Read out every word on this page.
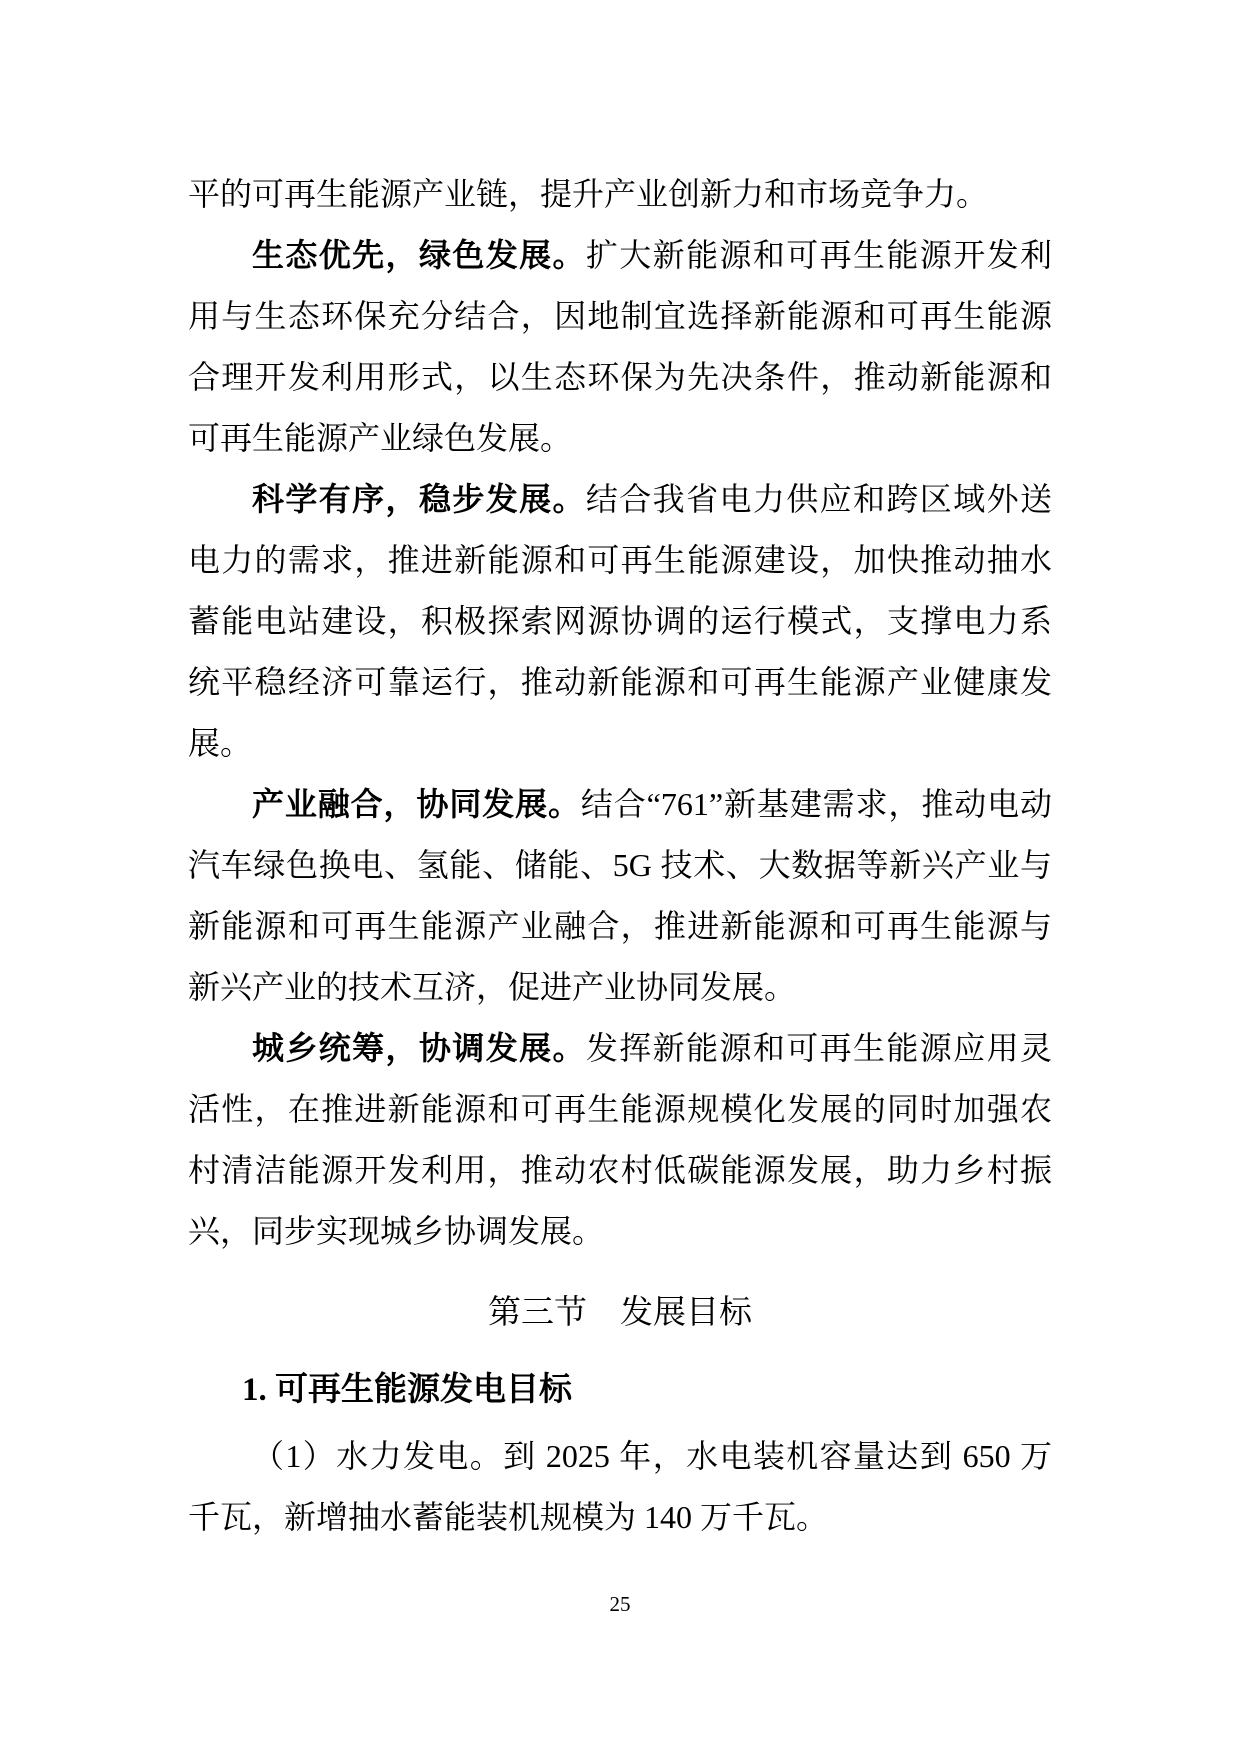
平的可再生能源产业链，提升产业创新力和市场竞争力。
生态优先，绿色发展。扩大新能源和可再生能源开发利
用与生态环保充分结合，因地制宜选择新能源和可再生能源
合理开发利用形式，以生态环保为先决条件，推动新能源和
可再生能源产业绿色发展。
科学有序，稳步发展。结合我省电力供应和跨区域外送
电力的需求，推进新能源和可再生能源建设，加快推动抽水
蓄能电站建设，积极探索网源协调的运行模式，支撑电力系
统平稳经济可靠运行，推动新能源和可再生能源产业健康发
展。
产业融合，协同发展。结合“761”新基建需求，推动电动
汽车绿色换电、氢能、储能、5G 技术、大数据等新兴产业与
新能源和可再生能源产业融合，推进新能源和可再生能源与
新兴产业的技术互济，促进产业协同发展。
城乡统筹，协调发展。发挥新能源和可再生能源应用灵
活性，在推进新能源和可再生能源规模化发展的同时加强农
村清洁能源开发利用，推动农村低碳能源发展，助力乡村振
兴，同步实现城乡协调发展。
第三节　发展目标
1. 可再生能源发电目标
（1）水力发电。到 2025 年，水电装机容量达到 650 万
千瓦，新增抽水蓄能装机规模为 140 万千瓦。
25
